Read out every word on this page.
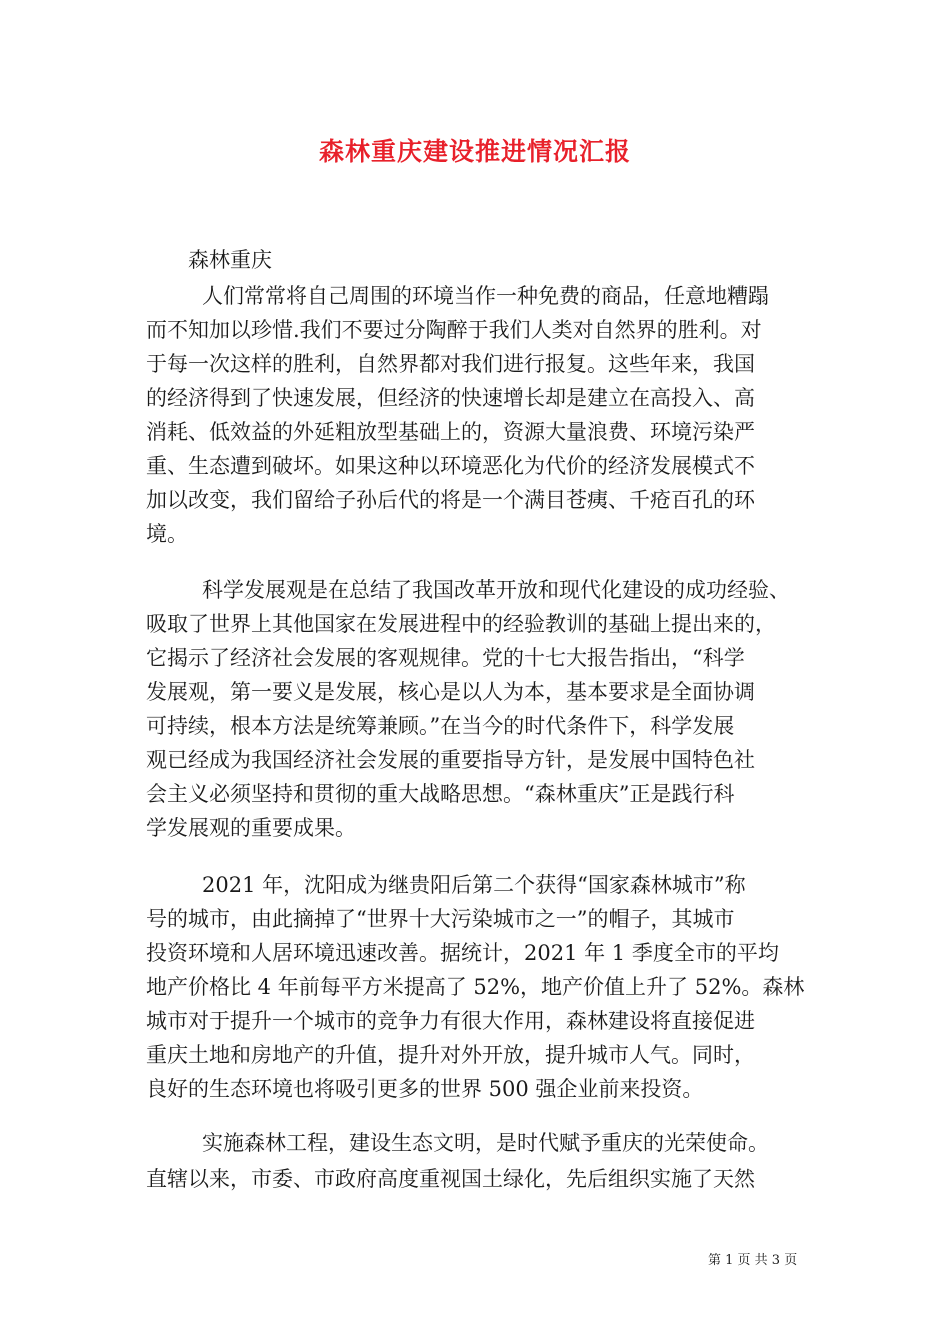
森林重庆建设推进情况汇报
森林重庆
人们常常将自己周围的环境当作一种免费的商品，任意地糟蹋
而不知加以珍惜.我们不要过分陶醉于我们人类对自然界的胜利。对
于每一次这样的胜利，自然界都对我们进行报复。这些年来，我国
的经济得到了快速发展，但经济的快速增长却是建立在高投入、高
消耗、低效益的外延粗放型基础上的，资源大量浪费、环境污染严
重、生态遭到破坏。如果这种以环境恶化为代价的经济发展模式不
加以改变，我们留给子孙后代的将是一个满目苍痍、千疮百孔的环
境。
科学发展观是在总结了我国改革开放和现代化建设的成功经验、
吸取了世界上其他国家在发展进程中的经验教训的基础上提出来的，
它揭示了经济社会发展的客观规律。党的十七大报告指出，“科学
发展观，第一要义是发展，核心是以人为本，基本要求是全面协调
可持续，根本方法是统筹兼顾。”在当今的时代条件下，科学发展
观已经成为我国经济社会发展的重要指导方针，是发展中国特色社
会主义必须坚持和贯彻的重大战略思想。“森林重庆”正是践行科
学发展观的重要成果。
2021 年，沈阳成为继贵阳后第二个获得“国家森林城市”称
号的城市，由此摘掉了“世界十大污染城市之一”的帽子，其城市
投资环境和人居环境迅速改善。据统计，2021 年 1 季度全市的平均
地产价格比 4 年前每平方米提高了 52%，地产价值上升了 52%。森林
城市对于提升一个城市的竞争力有很大作用，森林建设将直接促进
重庆土地和房地产的升值，提升对外开放，提升城市人气。同时，
良好的生态环境也将吸引更多的世界 500 强企业前来投资。
实施森林工程，建设生态文明，是时代赋予重庆的光荣使命。
直辖以来，市委、市政府高度重视国土绿化，先后组织实施了天然
第 1 页 共 3 页
